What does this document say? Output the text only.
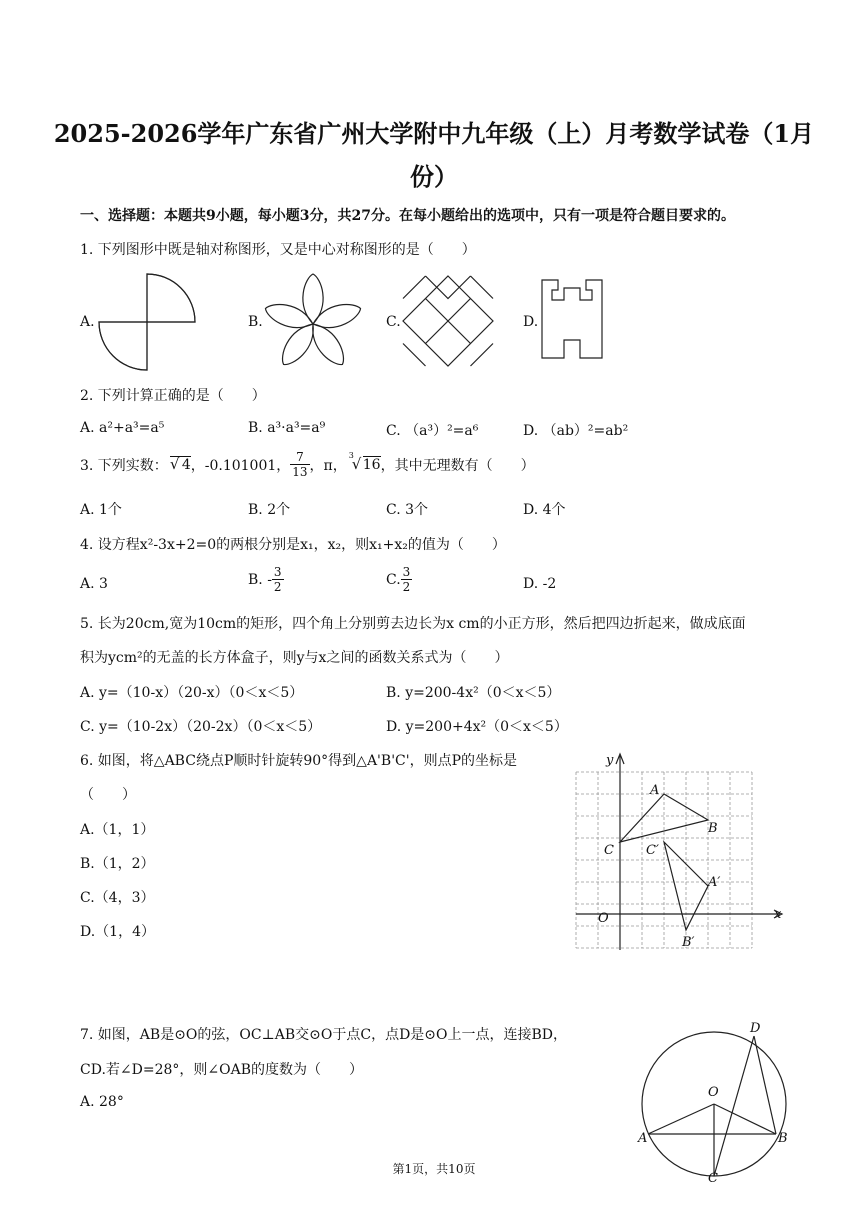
2025-2026学年广东省广州大学附中九年级（上）月考数学试卷（1月
份）
一、选择题：本题共9小题，每小题3分，共27分。在每小题给出的选项中，只有一项是符合题目要求的。
1. 下列图形中既是轴对称图形，又是中心对称图形的是（　　）
A.	B.	C.	D.
2. 下列计算正确的是（　　）
A. a²+a³=a⁵	B. a³·a³=a⁹	C. （a³）²=a⁶	D. （ab）²=ab²
3. 下列实数： √ 4 ，-0.101001， $\frac{7}{13}$ ，π，
3
√ 16 ，其中无理数有（　　）
A. 1个	B. 2个	C. 3个	D. 4个
4. 设方程x²-3x+2=0的两根分别是x₁，x₂，则x₁+x₂的值为（　　）
A. 3	B. - $\frac{3}{2}$	C. $\frac{3}{2}$	D. -2
5. 长为20cm,宽为10cm的矩形，四个角上分别剪去边长为x cm的小正方形，然后把四边折起来，做成底面
积为ycm²的无盖的长方体盒子，则y与x之间的函数关系式为（　　）
A. y=（10-x）（20-x）（0＜x＜5）	B. y=200-4x²（0＜x＜5）
C. y=（10-2x）（20-2x）（0＜x＜5）	D. y=200+4x²（0＜x＜5）
6. 如图，将△ABC绕点P顺时针旋转90°得到△A'B'C'，则点P的坐标是
（　　）
A.（1，1）
B.（1，2）
C.（4，3）
D.（1，4）
y
x
O
A
B
C
A′
B′
C′
7. 如图，AB是⊙O的弦，OC⊥AB交⊙O于点C，点D是⊙O上一点，连接BD，
CD.若∠D=28°，则∠OAB的度数为（　　）
A. 28°
O
A	B
C
D
第1页，共10页
